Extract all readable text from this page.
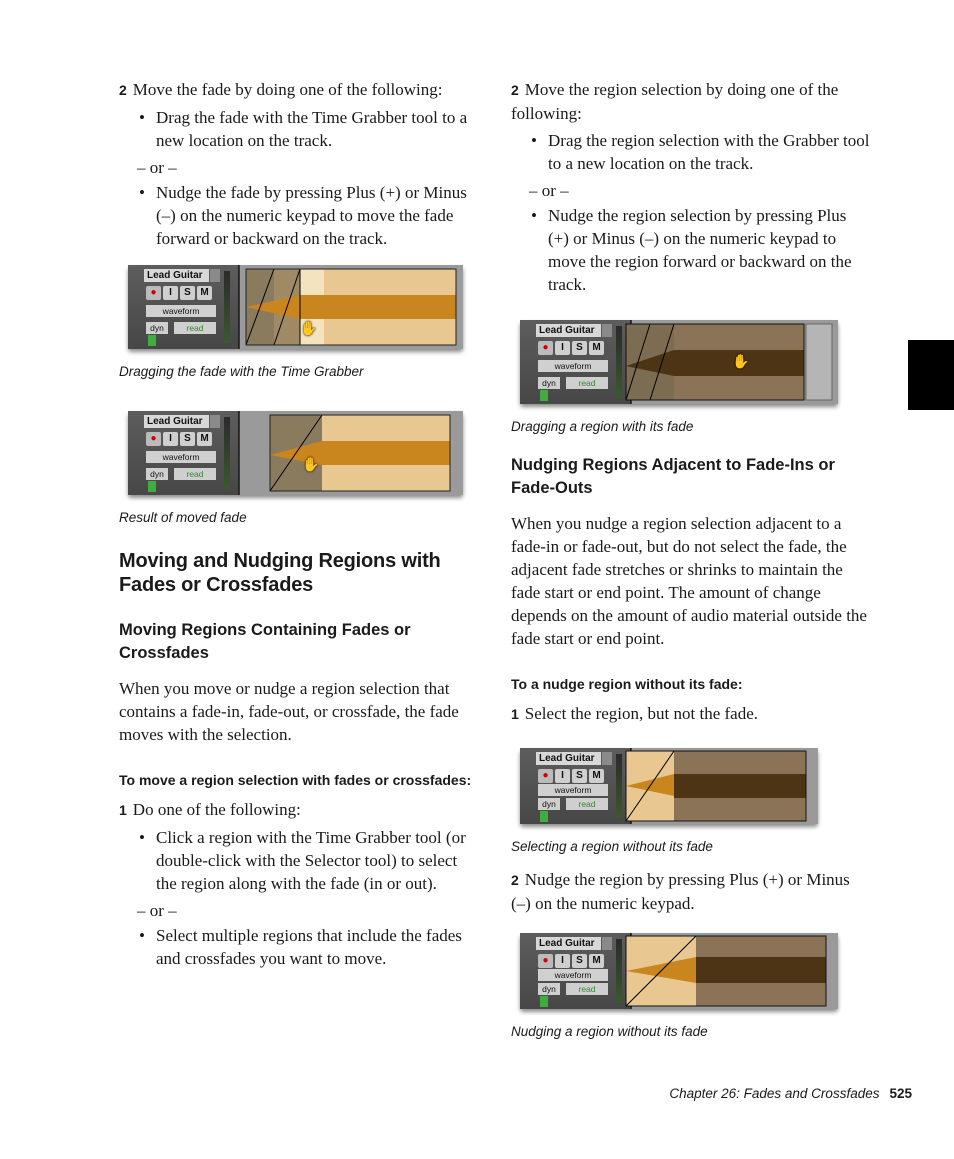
2 Move the fade by doing one of the following:

• Drag the fade with the Time Grabber tool to a new location on the track.

– or –

• Nudge the fade by pressing Plus (+) or Minus (–) on the numeric keypad to move the fade forward or backward on the track.

Lead Guitar
● I S M
waveform
dyn	read	✋

Dragging the fade with the Time Grabber

Lead Guitar
● I S M
waveform
dyn	read
✋

Result of moved fade

Moving and Nudging Regions with Fades or Crossfades
Moving Regions Containing Fades or Crossfades

When you move or nudge a region selection that contains a fade-in, fade-out, or crossfade, the fade moves with the selection.

To move a region selection with fades or crossfades:

1 Do one of the following:

• Click a region with the Time Grabber tool (or double-click with the Selector tool) to select the region along with the fade (in or out).

– or –

• Select multiple regions that include the fades and crossfades you want to move.

2 Move the region selection by doing one of the following:

• Drag the region selection with the Grabber tool to a new location on the track.

– or –

• Nudge the region selection by pressing Plus (+) or Minus (–) on the numeric keypad to move the region forward or backward on the track.

Lead Guitar
● I S M
waveform
dyn	read
✋

Dragging a region with its fade

Nudging Regions Adjacent to Fade-Ins or Fade-Outs

When you nudge a region selection adjacent to a fade-in or fade-out, but do not select the fade, the adjacent fade stretches or shrinks to maintain the fade start or end point. The amount of change depends on the amount of audio material outside the fade start or end point.

To a nudge region without its fade:

1 Select the region, but not the fade.

Lead Guitar
● I S M
waveform
dyn	read

Selecting a region without its fade

2 Nudge the region by pressing Plus (+) or Minus (–) on the numeric keypad.

Lead Guitar
● I S M
waveform
dyn	read

Nudging a region without its fade

Chapter 26: Fades and Crossfades 525
